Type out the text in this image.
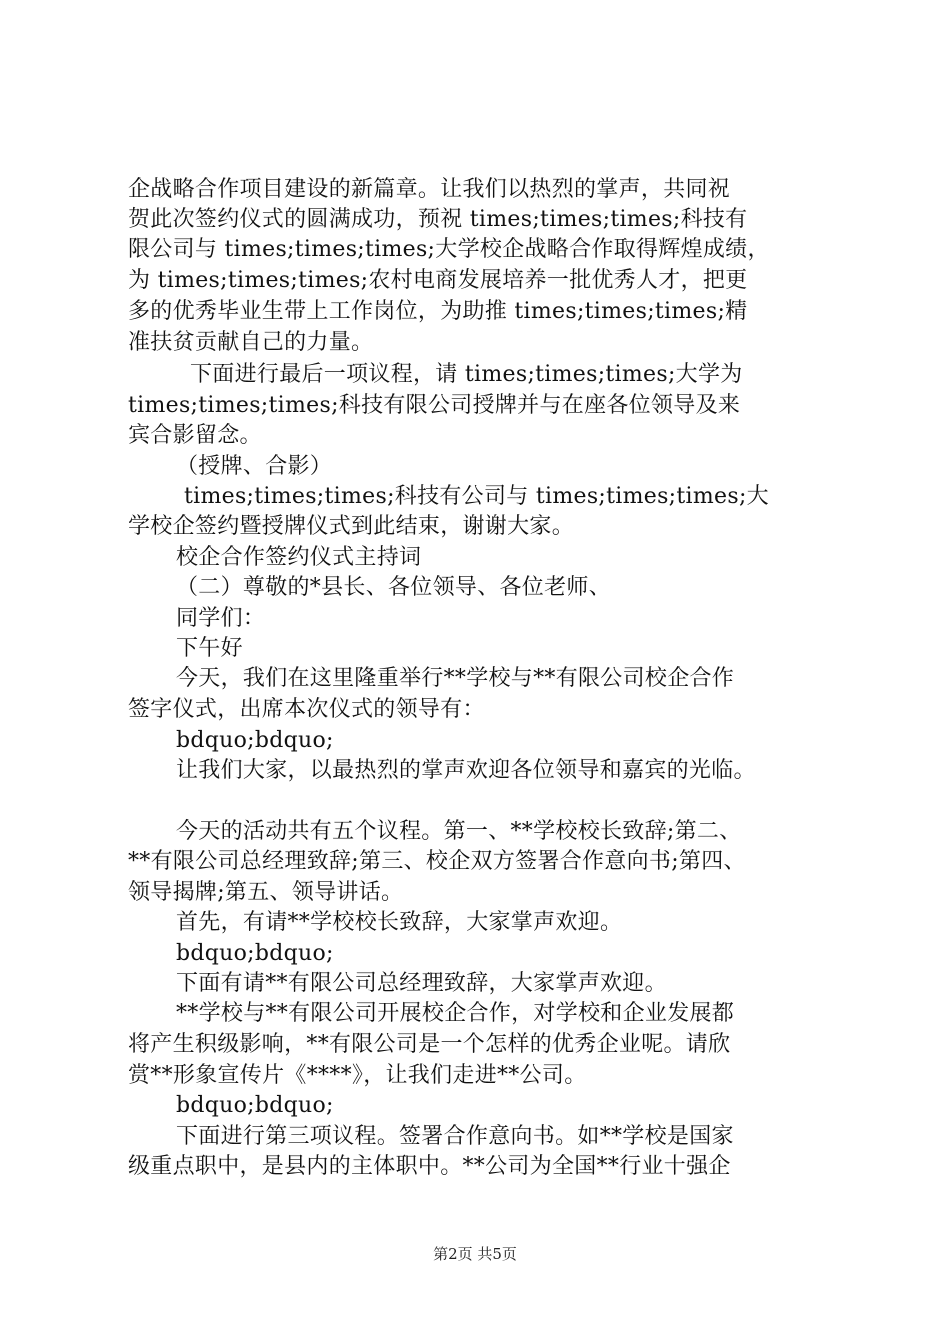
企战略合作项目建设的新篇章。让我们以热烈的掌声，共同祝
贺此次签约仪式的圆满成功，预祝 times;times;times;科技有
限公司与 times;times;times;大学校企战略合作取得辉煌成绩，
为 times;times;times;农村电商发展培养一批优秀人才，把更
多的优秀毕业生带上工作岗位，为助推 times;times;times;精
准扶贫贡献自己的力量。
下面进行最后一项议程，请 times;times;times;大学为
times;times;times;科技有限公司授牌并与在座各位领导及来
宾合影留念。
（授牌、合影）
times;times;times;科技有公司与 times;times;times;大
学校企签约暨授牌仪式到此结束，谢谢大家。
校企合作签约仪式主持词
（二）尊敬的*县长、各位领导、各位老师、
同学们：
下午好
今天，我们在这里隆重举行**学校与**有限公司校企合作
签字仪式，出席本次仪式的领导有：
bdquo;bdquo;
让我们大家，以最热烈的掌声欢迎各位领导和嘉宾的光临。
今天的活动共有五个议程。第一、**学校校长致辞;第二、
**有限公司总经理致辞;第三、校企双方签署合作意向书;第四、
领导揭牌;第五、领导讲话。
首先，有请**学校校长致辞，大家掌声欢迎。
bdquo;bdquo;
下面有请**有限公司总经理致辞，大家掌声欢迎。
**学校与**有限公司开展校企合作，对学校和企业发展都
将产生积级影响，**有限公司是一个怎样的优秀企业呢。请欣
赏**形象宣传片《****》，让我们走进**公司。
bdquo;bdquo;
下面进行第三项议程。签署合作意向书。如**学校是国家
级重点职中，是县内的主体职中。**公司为全国**行业十强企
第2页 共5页
